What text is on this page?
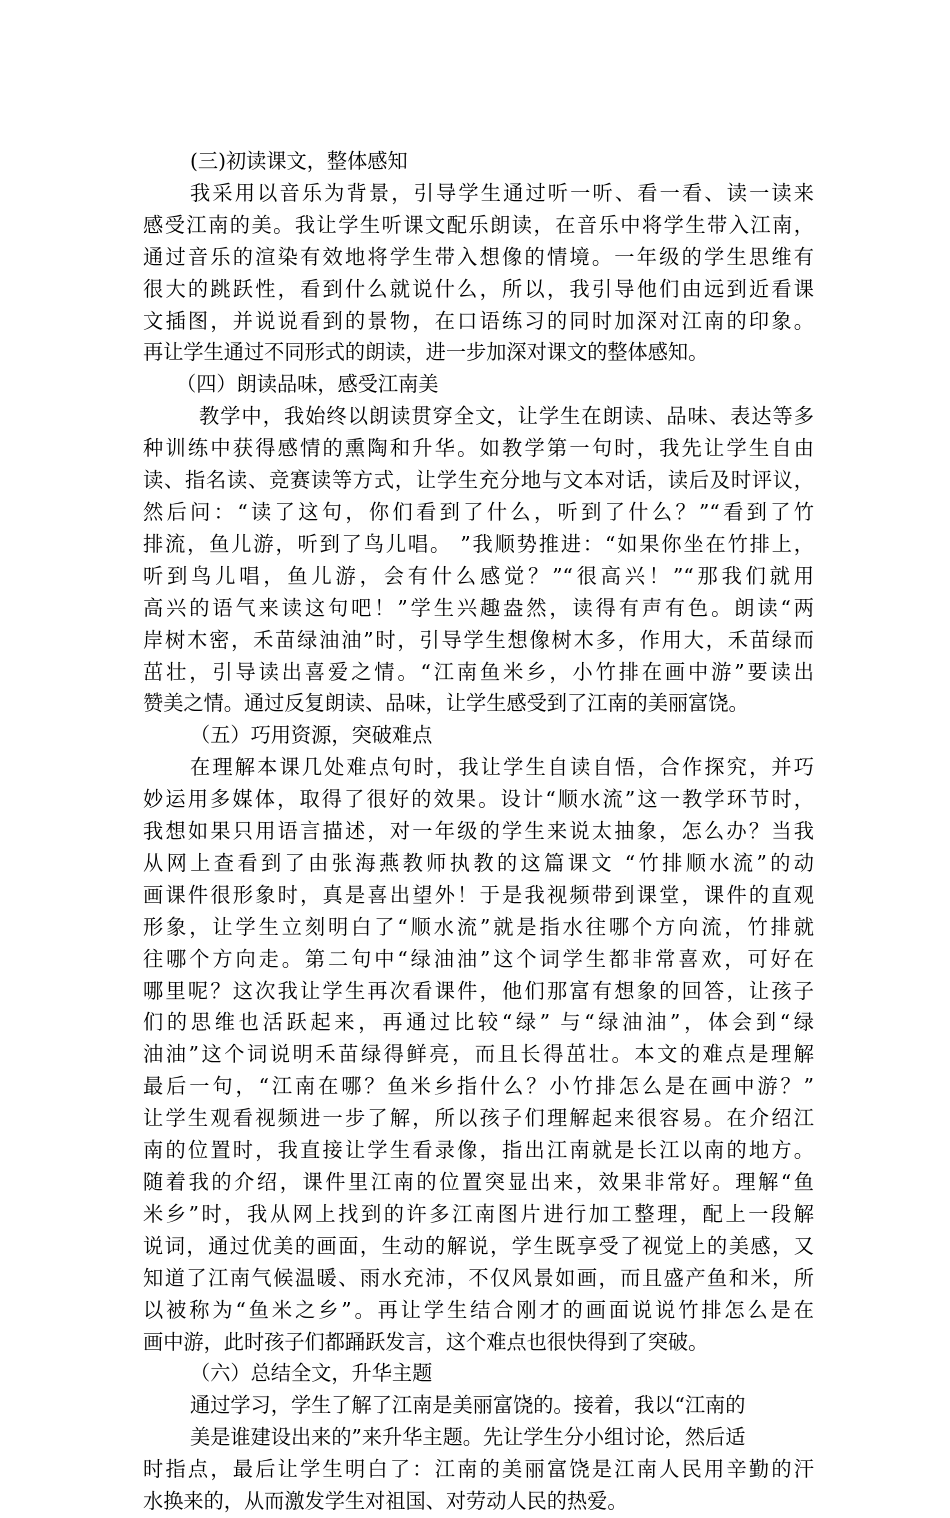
(三)初读课文，整体感知
我采用以音乐为背景，引导学生通过听一听、看一看、读一读来
感受江南的美。我让学生听课文配乐朗读，在音乐中将学生带入江南，
通过音乐的渲染有效地将学生带入想像的情境。一年级的学生思维有
很大的跳跃性，看到什么就说什么，所以，我引导他们由远到近看课
文插图，并说说看到的景物，在口语练习的同时加深对江南的印象。
再让学生通过不同形式的朗读，进一步加深对课文的整体感知。
（四）朗读品味，感受江南美
教学中，我始终以朗读贯穿全文，让学生在朗读、品味、表达等多
种训练中获得感情的熏陶和升华。如教学第一句时，我先让学生自由
读、指名读、竞赛读等方式，让学生充分地与文本对话，读后及时评议，
然后问：“读了这句，你们看到了什么，听到了什么？”“看到了竹
排流，鱼儿游，听到了鸟儿唱。 ”我顺势推进：“如果你坐在竹排上，
听到鸟儿唱，鱼儿游，会有什么感觉？”“很高兴！”“那我们就用
高兴的语气来读这句吧！”学生兴趣盎然，读得有声有色。朗读“两
岸树木密，禾苗绿油油”时，引导学生想像树木多，作用大，禾苗绿而
茁壮，引导读出喜爱之情。“江南鱼米乡，小竹排在画中游”要读出
赞美之情。通过反复朗读、品味，让学生感受到了江南的美丽富饶。
（五）巧用资源，突破难点
在理解本课几处难点句时，我让学生自读自悟，合作探究，并巧
妙运用多媒体，取得了很好的效果。设计“顺水流”这一教学环节时，
我想如果只用语言描述，对一年级的学生来说太抽象，怎么办？当我
从网上查看到了由张海燕教师执教的这篇课文 “竹排顺水流”的动
画课件很形象时，真是喜出望外！于是我视频带到课堂，课件的直观
形象，让学生立刻明白了“顺水流”就是指水往哪个方向流，竹排就
往哪个方向走。第二句中“绿油油”这个词学生都非常喜欢，可好在
哪里呢？这次我让学生再次看课件，他们那富有想象的回答，让孩子
们的思维也活跃起来，再通过比较“绿” 与“绿油油”，体会到“绿
油油”这个词说明禾苗绿得鲜亮，而且长得茁壮。本文的难点是理解
最后一句，“江南在哪？鱼米乡指什么？小竹排怎么是在画中游？”
让学生观看视频进一步了解，所以孩子们理解起来很容易。在介绍江
南的位置时，我直接让学生看录像，指出江南就是长江以南的地方。
随着我的介绍，课件里江南的位置突显出来，效果非常好。理解“鱼
米乡”时，我从网上找到的许多江南图片进行加工整理，配上一段解
说词，通过优美的画面，生动的解说，学生既享受了视觉上的美感，又
知道了江南气候温暖、雨水充沛，不仅风景如画，而且盛产鱼和米，所
以被称为“鱼米之乡”。再让学生结合刚才的画面说说竹排怎么是在
画中游，此时孩子们都踊跃发言，这个难点也很快得到了突破。
（六）总结全文，升华主题
通过学习，学生了解了江南是美丽富饶的。接着，我以“江南的
美是谁建设出来的”来升华主题。先让学生分小组讨论，然后适
时指点，最后让学生明白了：江南的美丽富饶是江南人民用辛勤的汗
水换来的，从而激发学生对祖国、对劳动人民的热爱。
